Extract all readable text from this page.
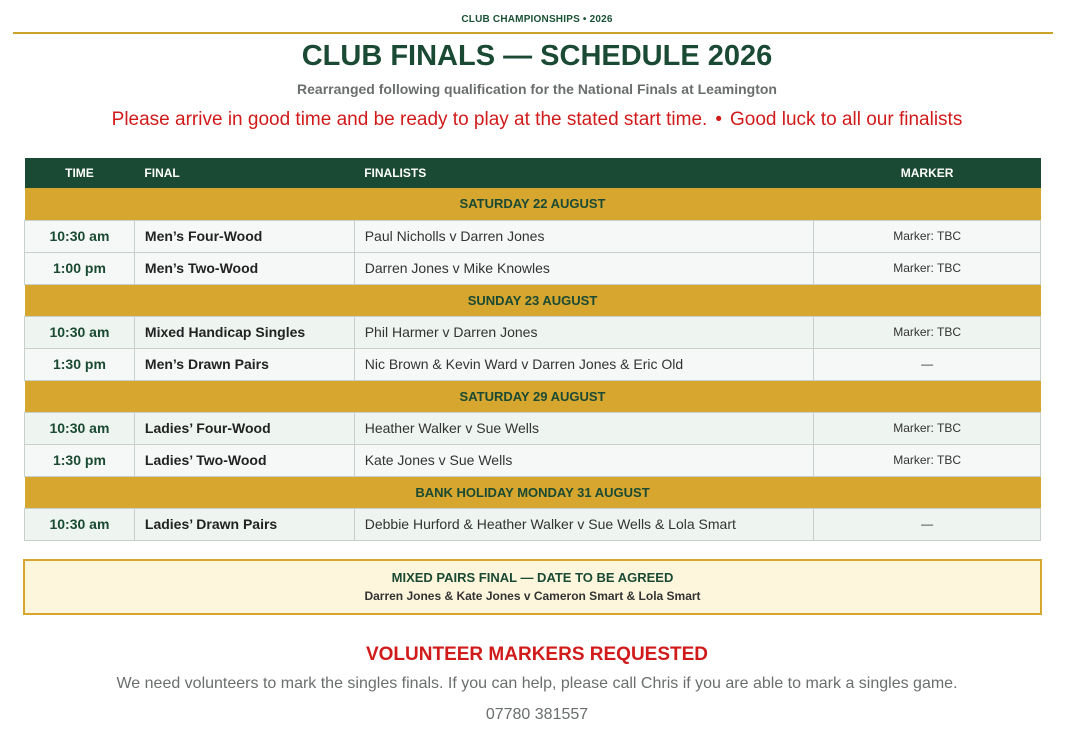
CLUB CHAMPIONSHIPS • 2026
CLUB FINALS — SCHEDULE 2026
Rearranged following qualification for the National Finals at Leamington
Please arrive in good time and be ready to play at the stated start time. • Good luck to all our finalists
TIME	FINAL	FINALISTS	MARKER
SATURDAY 22 AUGUST			
10:30 am	Men’s Four-Wood	Paul Nicholls v Darren Jones	Marker: TBC
1:00 pm	Men’s Two-Wood	Darren Jones v Mike Knowles	Marker: TBC
SUNDAY 23 AUGUST			
10:30 am	Mixed Handicap Singles	Phil Harmer v Darren Jones	Marker: TBC
1:30 pm	Men’s Drawn Pairs	Nic Brown & Kevin Ward v Darren Jones & Eric Old	—
SATURDAY 29 AUGUST			
10:30 am	Ladies’ Four-Wood	Heather Walker v Sue Wells	Marker: TBC
1:30 pm	Ladies’ Two-Wood	Kate Jones v Sue Wells	Marker: TBC
BANK HOLIDAY MONDAY 31 AUGUST			
10:30 am	Ladies’ Drawn Pairs	Debbie Hurford & Heather Walker v Sue Wells & Lola Smart	—
MIXED PAIRS FINAL — DATE TO BE AGREED
Darren Jones & Kate Jones v Cameron Smart & Lola Smart
VOLUNTEER MARKERS REQUESTED
We need volunteers to mark the singles finals. If you can help, please call Chris if you are able to mark a singles game.
07780 381557
